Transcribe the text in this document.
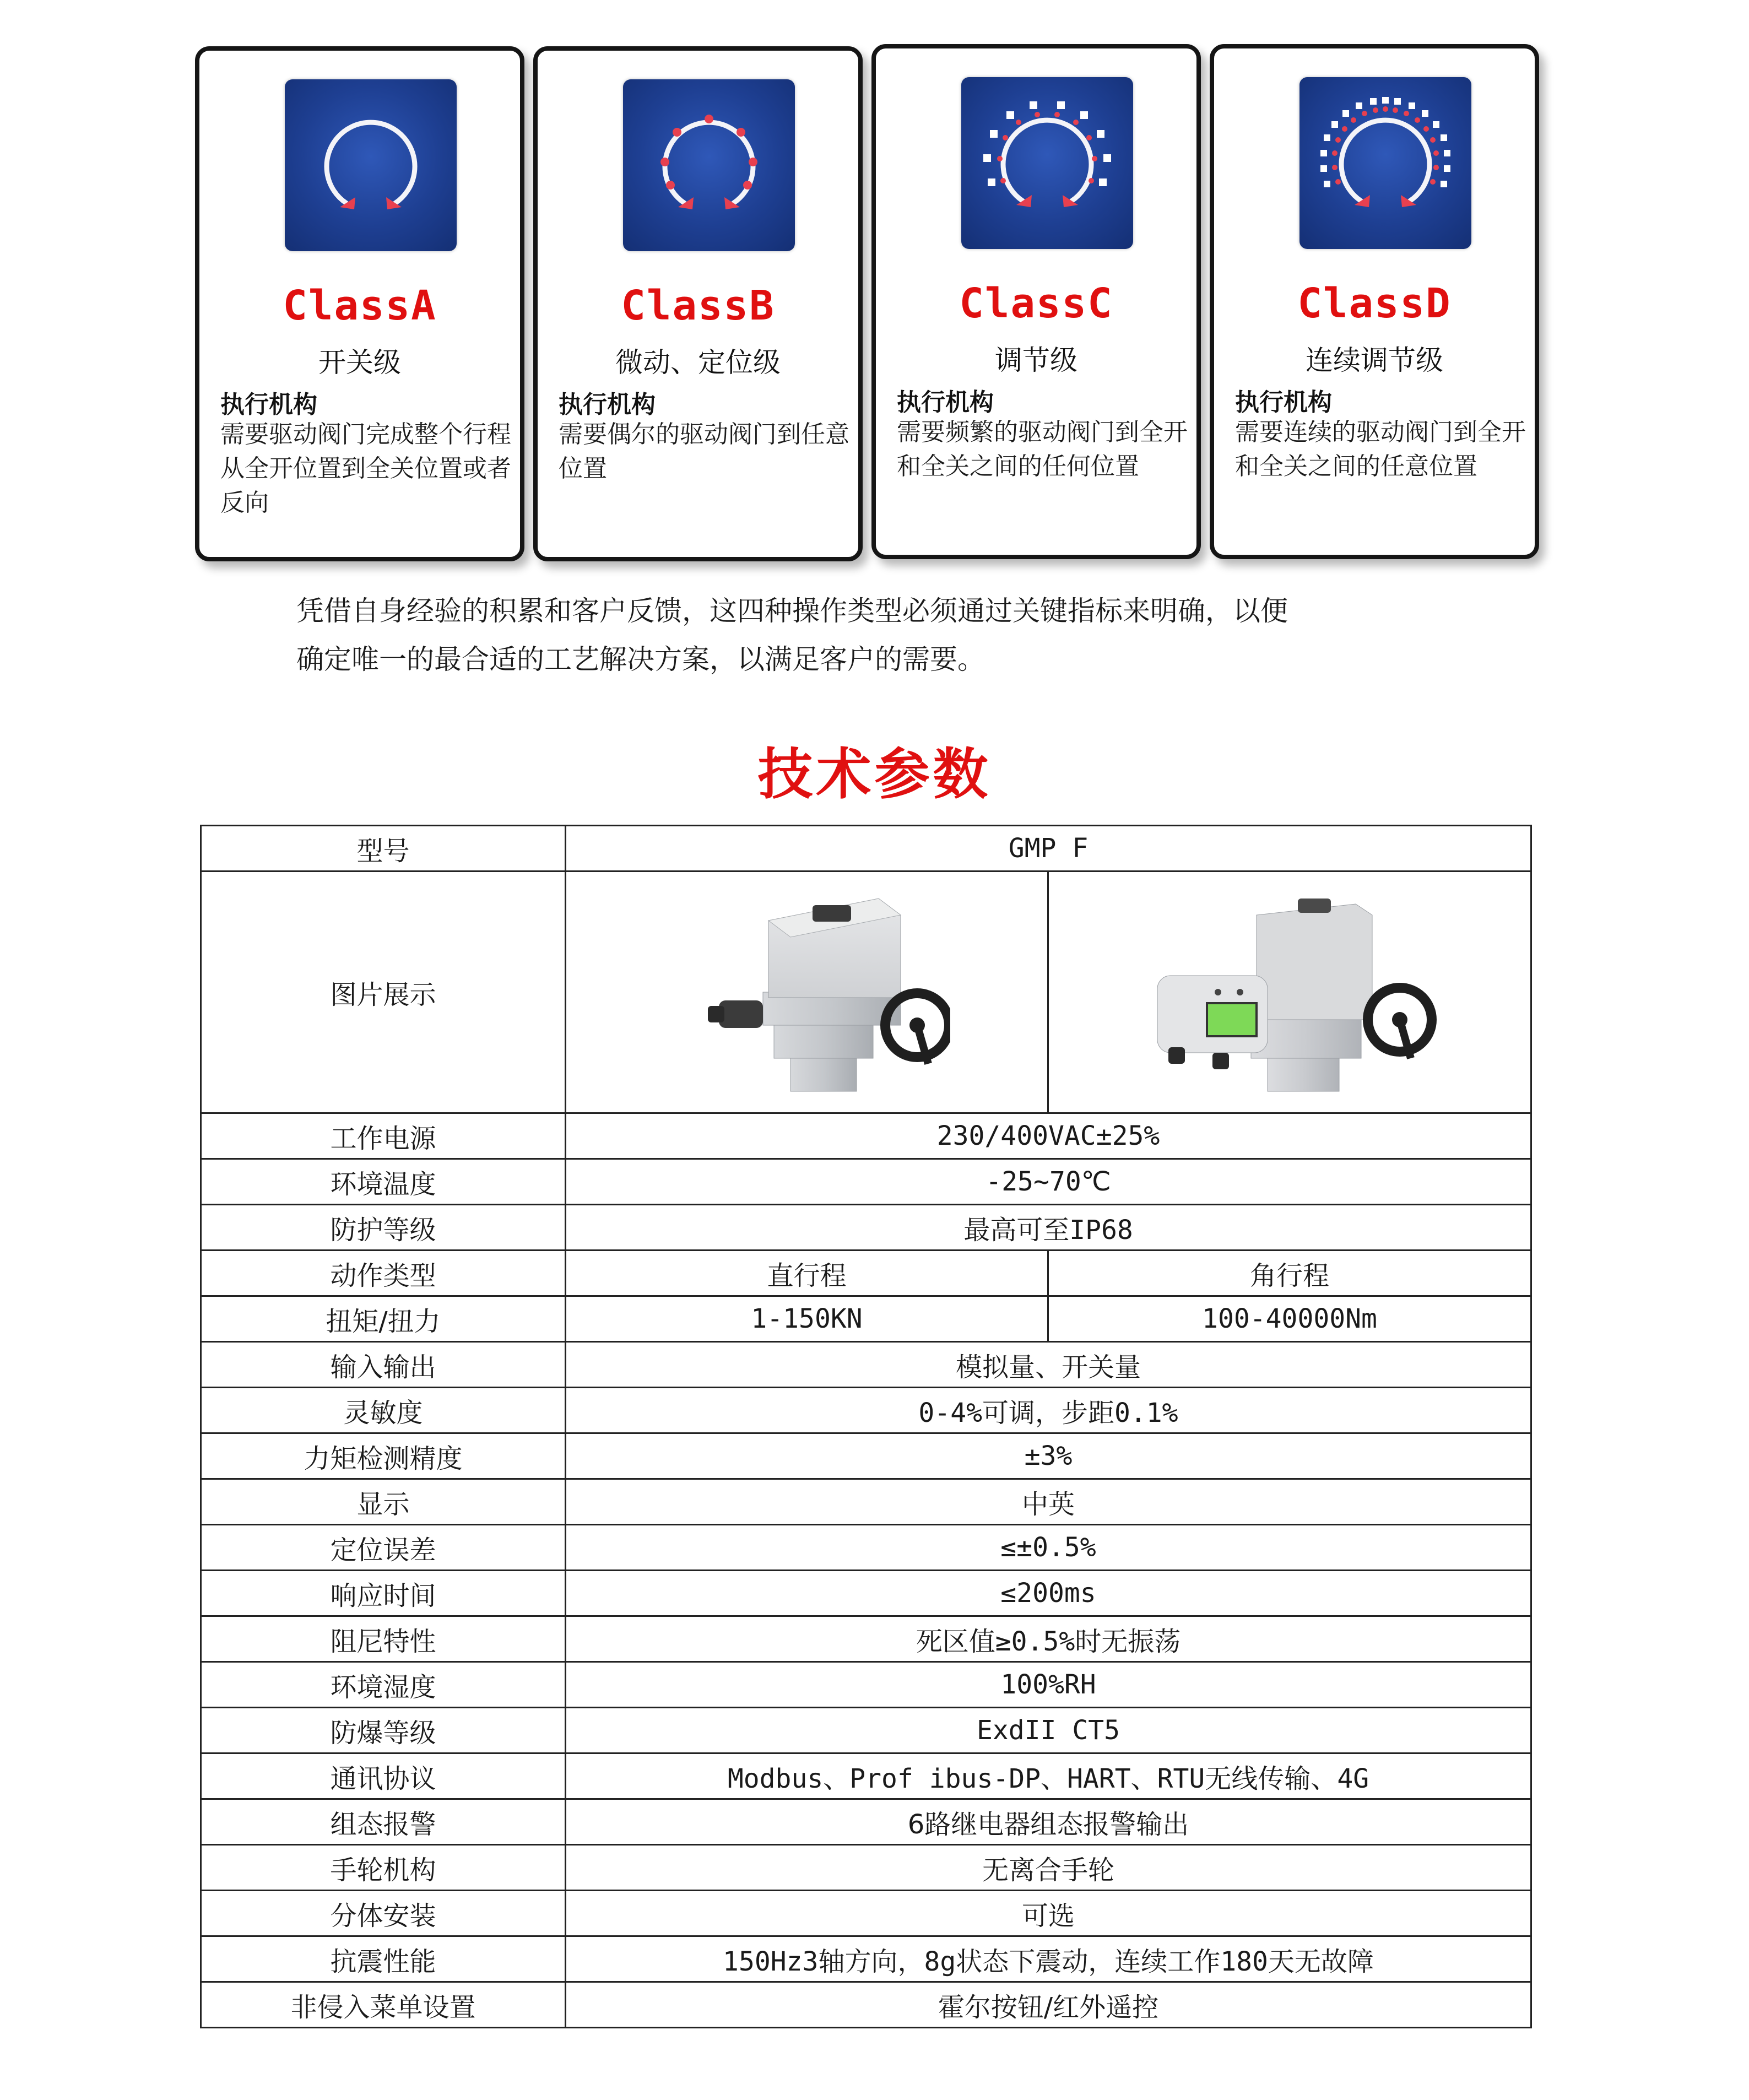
ClassA
开关级
执行机构
需要驱动阀门完成整个行程从全开位置到全关位置或者反向
ClassB
微动、定位级
执行机构
需要偶尔的驱动阀门到任意位置
ClassC
调节级
执行机构
需要频繁的驱动阀门到全开和全关之间的任何位置
ClassD
连续调节级
执行机构
需要连续的驱动阀门到全开和全关之间的任意位置
凭借自身经验的积累和客户反馈，这四种操作类型必须通过关键指标来明确，以便
确定唯一的最合适的工艺解决方案，以满足客户的需要。
技术参数
型号	GMP F	
图片展示	

工作电源	230/400VAC±25%	
环境温度	-25~70℃	
防护等级	最高可至IP68	
动作类型	直行程	角行程
扭矩/扭力	1-150KN	100-40000Nm
输入输出	模拟量、开关量	
灵敏度	0-4%可调，步距0.1%	
力矩检测精度	±3%	
显示	中英	
定位误差	≤±0.5%	
响应时间	≤200ms	
阻尼特性	死区值≥0.5%时无振荡	
环境湿度	100%RH	
防爆等级	ExdII CT5	
通讯协议	Modbus、Prof ibus-DP、HART、RTU无线传输、4G	
组态报警	6路继电器组态报警输出	
手轮机构	无离合手轮	
分体安装	可选	
抗震性能	150Hz3轴方向，8g状态下震动，连续工作180天无故障	
非侵入菜单设置	霍尔按钮/红外遥控	
